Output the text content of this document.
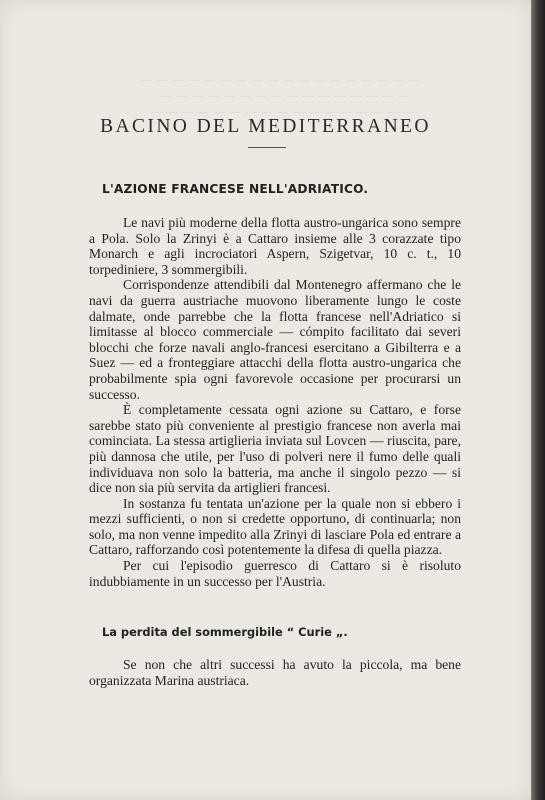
— — — — — — — — — — — — — — — — — —
— — — — — — — — — — — — — — — —
— — — — — — — — — — — — — — — — —
BACINO DEL MEDITERRANEO
L'AZIONE FRANCESE NELL'ADRIATICO.

Le navi più moderne della flotta austro-ungarica sono sempre a Pola. Solo la Zrinyi è a Cattaro insieme alle 3 corazzate tipo Monarch e agli incrociatori Aspern, Szigetvar, 10 c. t., 10 torpediniere, 3 sommergibili.

Corrispondenze attendibili dal Montenegro affermano che le navi da guerra austriache muovono liberamente lungo le coste dalmate, onde parrebbe che la flotta francese nell'Adriatico si limitasse al blocco commerciale — cómpito facilitato dai severi blocchi che forze navali anglo-francesi esercitano a Gibilterra e a Suez — ed a fronteggiare attacchi della flotta austro-ungarica che probabilmente spia ogni favorevole occasione per procurarsi un successo.

È completamente cessata ogni azione su Cattaro, e forse sarebbe stato più conveniente al prestigio francese non averla mai cominciata. La stessa artiglieria inviata sul Lovcen — riuscita, pare, più dannosa che utile, per l'uso di polveri nere il fumo delle quali individuava non solo la batteria, ma anche il singolo pezzo — si dice non sia più servita da artiglieri francesi.

In sostanza fu tentata un'azione per la quale non si ebbero i mezzi sufficienti, o non si credette opportuno, di continuarla; non solo, ma non venne impedito alla Zrinyi di lasciare Pola ed entrare a Cattaro, rafforzando così potentemente la difesa di quella piazza.

Per cui l'episodio guerresco di Cattaro si è risoluto indubbiamente in un successo per l'Austria.

La perdita del sommergibile “ Curie „.

Se non che altri successi ha avuto la piccola, ma bene organizzata Marina austriaca.
